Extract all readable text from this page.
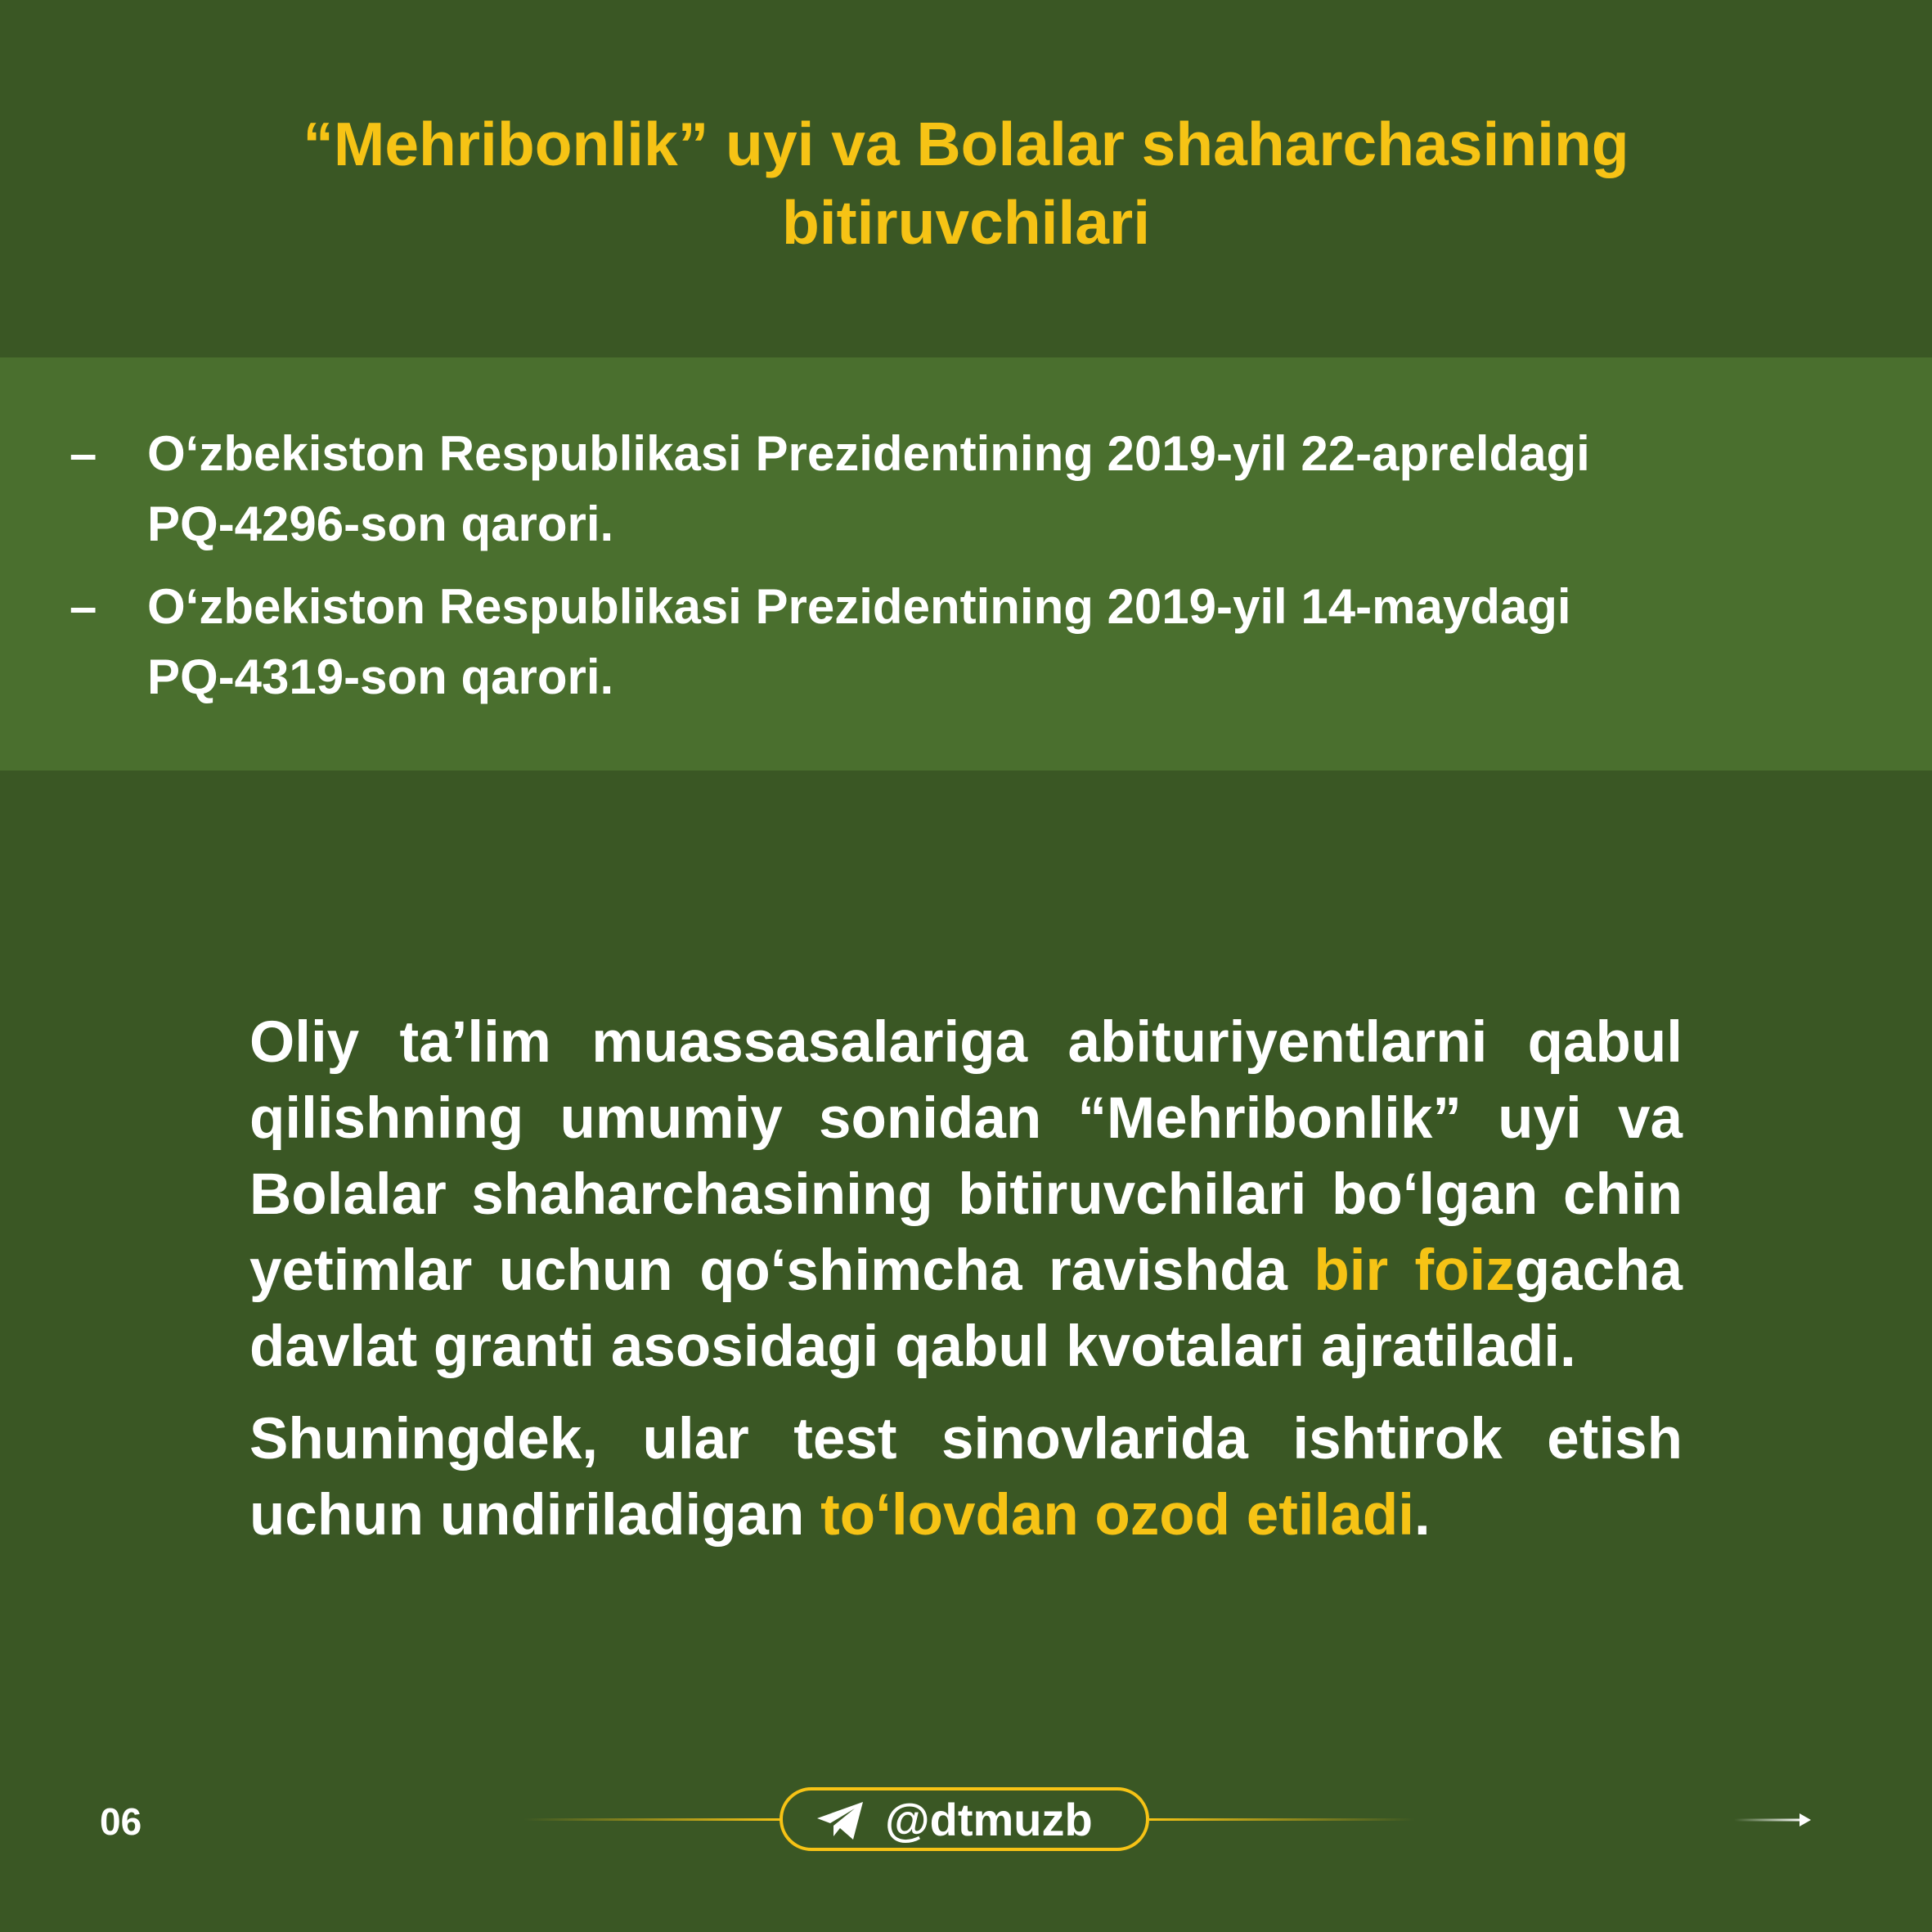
“Mehribonlik” uyi va Bolalar shaharchasining
bitiruvchilari
– Oʻzbekiston Respublikasi Prezidentining 2019-yil 22-apreldagi
PQ-4296-son qarori.
– Oʻzbekiston Respublikasi Prezidentining 2019-yil 14-maydagi
PQ-4319-son qarori.

Oliy ta’lim muassasalariga abituriyentlarni qabul qilishning umumiy sonidan “Mehribonlik” uyi va Bolalar shaharchasining bitiruvchilari boʻlgan chin yetimlar uchun qoʻshimcha ravishda bir foizgacha davlat granti asosidagi qabul kvotalari ajratiladi.

Shuningdek, ular test sinovlarida ishtirok etish uchun undiriladigan toʻlovdan ozod etiladi.

06	@dtmuzb
